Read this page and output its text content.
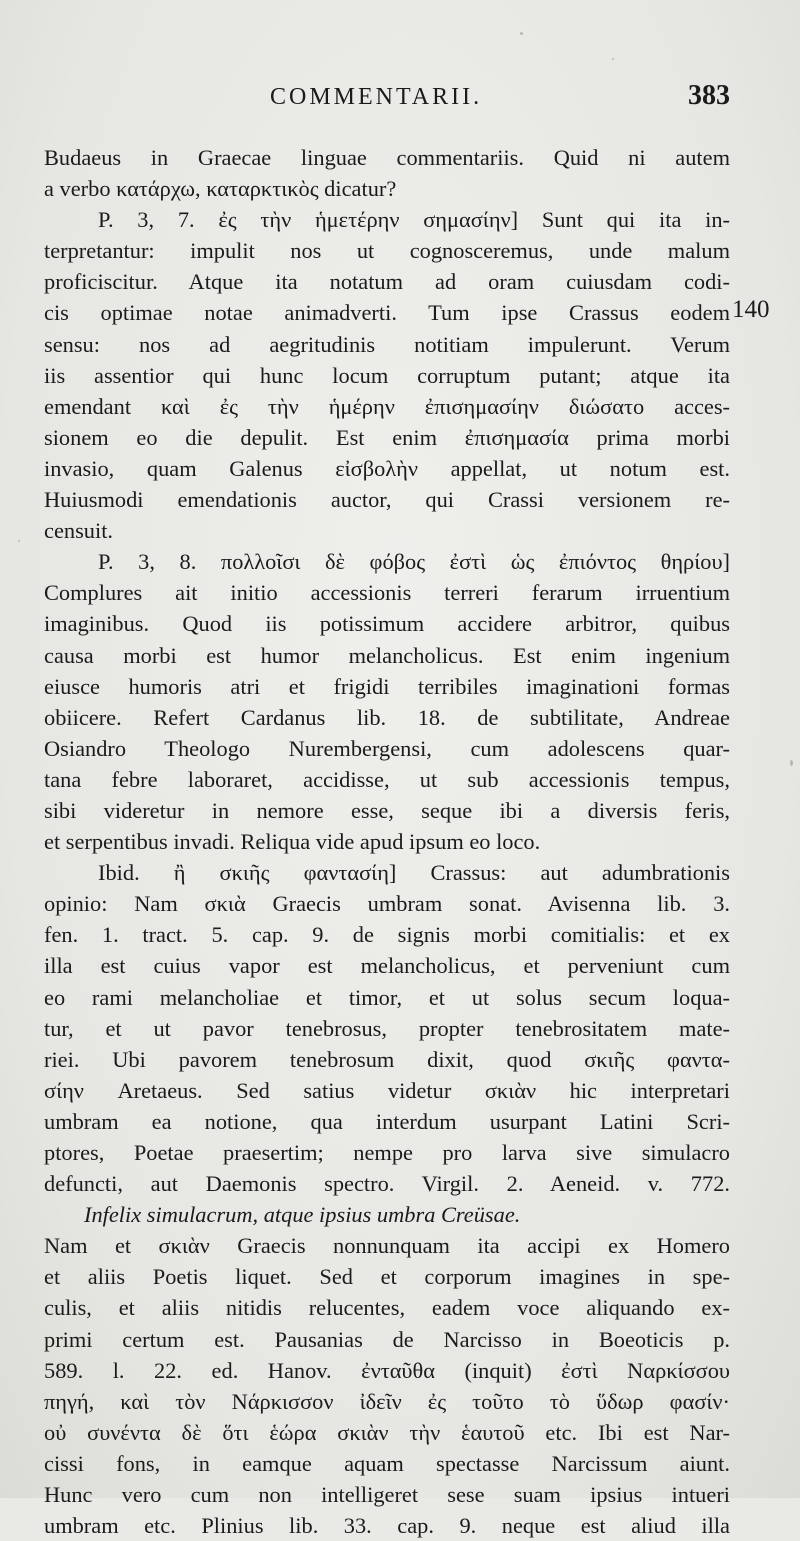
COMMENTARII.	383
140
Budaeus in Graecae linguae commentariis. Quid ni autem
a verbo κατάρχω, καταρκτικὸς dicatur?
P. 3, 7. ἐς τὴν ἡμετέρην σημασίην] Sunt qui ita in-
terpretantur: impulit nos ut cognosceremus, unde malum
proficiscitur. Atque ita notatum ad oram cuiusdam codi-
cis optimae notae animadverti. Tum ipse Crassus eodem
sensu: nos ad aegritudinis notitiam impulerunt. Verum
iis assentior qui hunc locum corruptum putant; atque ita
emendant καὶ ἐς τὴν ἡμέρην ἐπισημασίην διώσατο acces-
sionem eo die depulit. Est enim ἐπισημασία prima morbi
invasio, quam Galenus εἰσβολὴν appellat, ut notum est.
Huiusmodi emendationis auctor, qui Crassi versionem re-
censuit.
P. 3, 8. πολλοῖσι δὲ φόβος ἐστὶ ὡς ἐπιόντος θηρίου]
Complures ait initio accessionis terreri ferarum irruentium
imaginibus. Quod iis potissimum accidere arbitror, quibus
causa morbi est humor melancholicus. Est enim ingenium
eiusce humoris atri et frigidi terribiles imaginationi formas
obiicere. Refert Cardanus lib. 18. de subtilitate, Andreae
Osiandro Theologo Nurembergensi, cum adolescens quar-
tana febre laboraret, accidisse, ut sub accessionis tempus,
sibi videretur in nemore esse, seque ibi a diversis feris,
et serpentibus invadi. Reliqua vide apud ipsum eo loco.
Ibid. ἢ σκιῆς φαντασίη] Crassus: aut adumbrationis
opinio: Nam σκιὰ Graecis umbram sonat. Avisenna lib. 3.
fen. 1. tract. 5. cap. 9. de signis morbi comitialis: et ex
illa est cuius vapor est melancholicus, et perveniunt cum
eo rami melancholiae et timor, et ut solus secum loqua-
tur, et ut pavor tenebrosus, propter tenebrositatem mate-
riei. Ubi pavorem tenebrosum dixit, quod σκιῆς φαντα-
σίην Aretaeus. Sed satius videtur σκιὰν hic interpretari
umbram ea notione, qua interdum usurpant Latini Scri-
ptores, Poetae praesertim; nempe pro larva sive simulacro
defuncti, aut Daemonis spectro. Virgil. 2. Aeneid. v. 772.
Infelix simulacrum, atque ipsius umbra Creüsae.
Nam et σκιὰν Graecis nonnunquam ita accipi ex Homero
et aliis Poetis liquet. Sed et corporum imagines in spe-
culis, et aliis nitidis relucentes, eadem voce aliquando ex-
primi certum est. Pausanias de Narcisso in Boeoticis p.
589. l. 22. ed. Hanov. ἐνταῦθα (inquit) ἐστὶ Ναρκίσσου
πηγή, καὶ τὸν Νάρκισσον ἰδεῖν ἐς τοῦτο τὸ ὕδωρ φασίν·
οὐ συνέντα δὲ ὅτι ἑώρα σκιὰν τὴν ἑαυτοῦ etc. Ibi est Nar-
cissi fons, in eamque aquam spectasse Narcissum aiunt.
Hunc vero cum non intelligeret sese suam ipsius intueri
umbram etc. Plinius lib. 33. cap. 9. neque est aliud illa
